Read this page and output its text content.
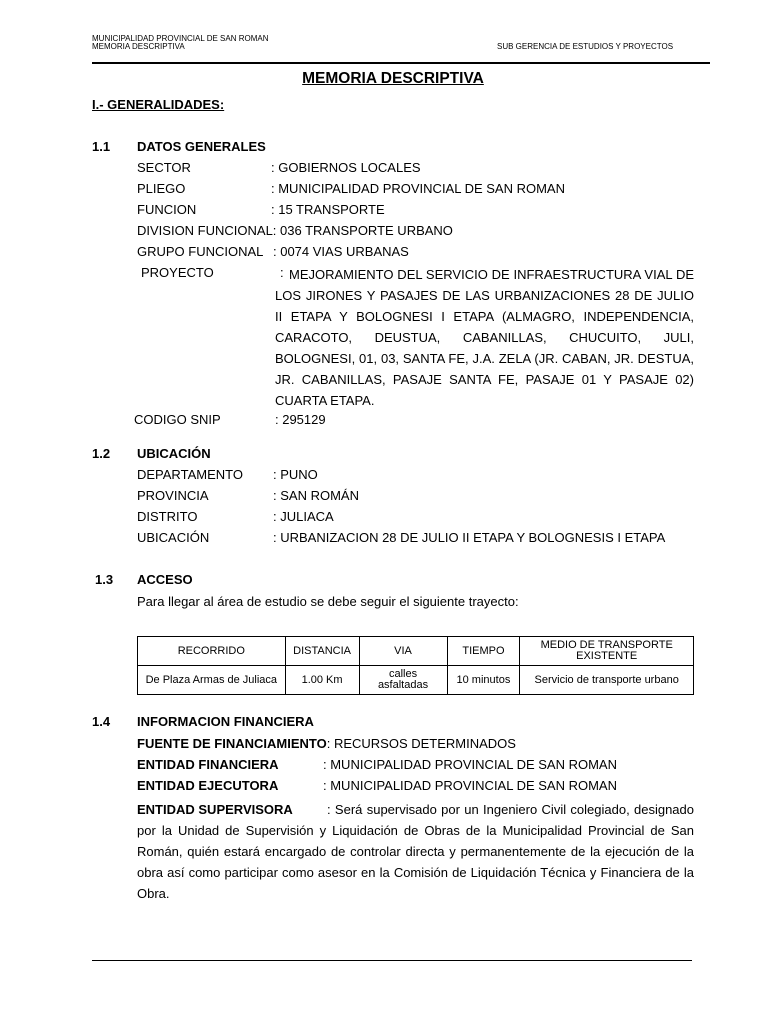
MUNICIPALIDAD PROVINCIAL DE SAN ROMAN
MEMORIA DESCRIPTIVA	SUB GERENCIA DE ESTUDIOS Y PROYECTOS
MEMORIA DESCRIPTIVA
I.- GENERALIDADES:
1.1 DATOS GENERALES
SECTOR	: GOBIERNOS LOCALES
PLIEGO	: MUNICIPALIDAD PROVINCIAL DE SAN ROMAN
FUNCION	: 15 TRANSPORTE
DIVISION FUNCIONAL: 036 TRANSPORTE URBANO
GRUPO FUNCIONAL : 0074 VIAS URBANAS
PROYECTO	: MEJORAMIENTO DEL SERVICIO DE INFRAESTRUCTURA VIAL DE LOS JIRONES Y PASAJES DE LAS URBANIZACIONES 28 DE JULIO II ETAPA Y BOLOGNESI I ETAPA (ALMAGRO, INDEPENDENCIA, CARACOTO, DEUSTUA, CABANILLAS, CHUCUITO, JULI, BOLOGNESI, 01, 03, SANTA FE, J.A. ZELA (JR. CABAN, JR. DESTUA, JR. CABANILLAS, PASAJE SANTA FE, PASAJE 01 Y PASAJE 02) CUARTA ETAPA.
CODIGO SNIP	: 295129
1.2 UBICACIÓN
DEPARTAMENTO : PUNO
PROVINCIA	: SAN ROMÁN
DISTRITO	: JULIACA
UBICACIÓN	: URBANIZACION 28 DE JULIO II ETAPA Y BOLOGNESIS I ETAPA
1.3 ACCESO
Para llegar al área de estudio se debe seguir el siguiente trayecto:
RECORRIDO	DISTANCIA	VIA	TIEMPO	MEDIO DE TRANSPORTE EXISTENTE
De Plaza Armas de Juliaca	1.00 Km	calles asfaltadas	10 minutos	Servicio de transporte urbano
1.4 INFORMACION FINANCIERA
FUENTE DE FINANCIAMIENTO: RECURSOS DETERMINADOS
ENTIDAD FINANCIERA	: MUNICIPALIDAD PROVINCIAL DE SAN ROMAN
ENTIDAD EJECUTORA	: MUNICIPALIDAD PROVINCIAL DE SAN ROMAN
ENTIDAD SUPERVISORA	: Será supervisado por un Ingeniero Civil colegiado, designado por la Unidad de Supervisión y Liquidación de Obras de la Municipalidad Provincial de San Román, quién estará encargado de controlar directa y permanentemente de la ejecución de la obra así como participar como asesor en la Comisión de Liquidación Técnica y Financiera de la Obra.
